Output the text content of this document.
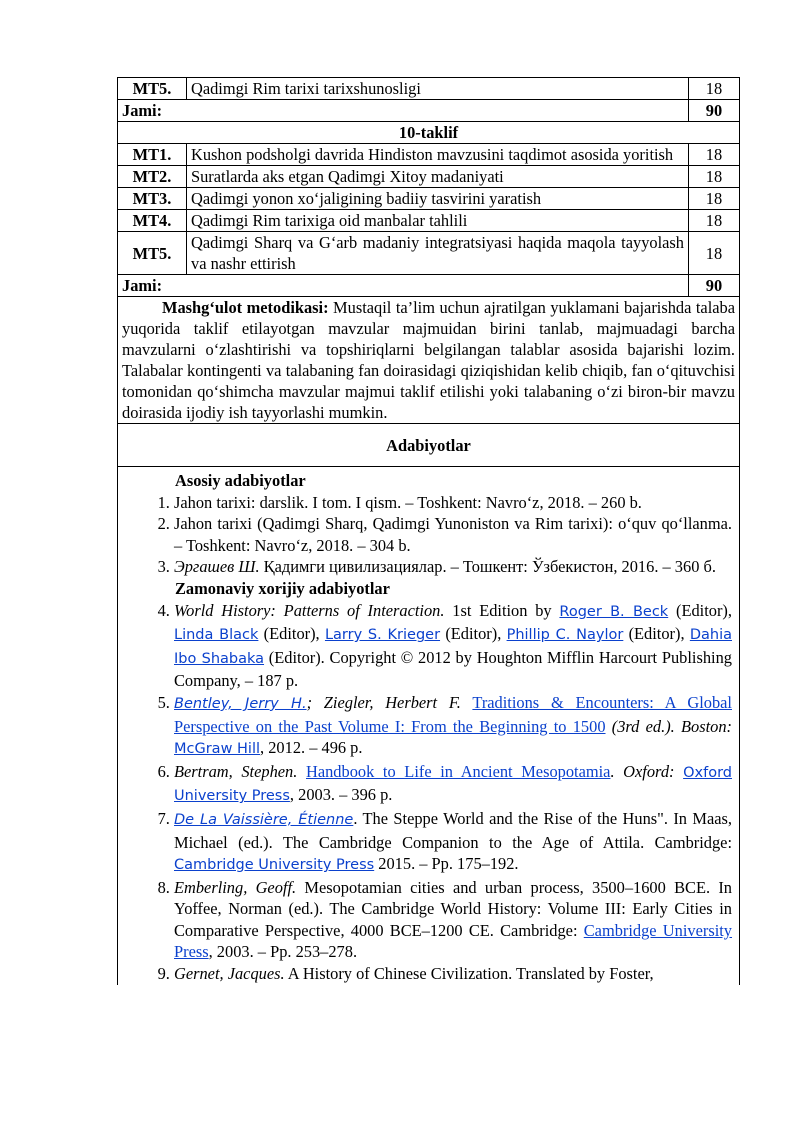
MT5.	Qadimgi Rim tarixi tarixshunosligi	18
Jami:		90
10-taklif		
MT1.	Kushon podsholgi davrida Hindiston mavzusini taqdimot asosida yoritish	18
MT2.	Suratlarda aks etgan Qadimgi Xitoy madaniyati	18
MT3.	Qadimgi yonon xo‘jaligining badiiy tasvirini yaratish	18
MT4.	Qadimgi Rim tarixiga oid manbalar tahlili	18
MT5.	Qadimgi Sharq va G‘arb madaniy integratsiyasi haqida maqola tayyolash va nashr ettirish	18
Jami:		90
Mashg‘ulot metodikasi: Mustaqil ta’lim uchun ajratilgan yuklamani bajarishda talaba yuqorida taklif etilayotgan mavzular majmuidan birini tanlab, majmuadagi barcha mavzularni o‘zlashtirishi va topshiriqlarni belgilangan talablar asosida bajarishi lozim. Talabalar kontingenti va talabaning fan doirasidagi qiziqishidan kelib chiqib, fan o‘qituvchisi tomonidan qo‘shimcha mavzular majmui taklif etilishi yoki talabaning o‘zi biron-bir mavzu doirasida ijodiy ish tayyorlashi mumkin.		
Adabiyotlar		
Asosiy adabiyotlar
1. Jahon tarixi: darslik. I tom. I qism. – Toshkent: Navro‘z, 2018. – 260 b.
2. Jahon tarixi (Qadimgi Sharq, Qadimgi Yunoniston va Rim tarixi): o‘quv qo‘llanma. – Toshkent: Navro‘z, 2018. – 304 b.
3. Эргашев Ш. Қадимги цивилизациялар. – Тошкент: Ўзбекистон, 2016. – 360 б.
Zamonaviy xorijiy adabiyotlar
4. World History: Patterns of Interaction. 1st Edition by Roger B. Beck (Editor), Linda Black (Editor), Larry S. Krieger (Editor), Phillip C. Naylor (Editor), Dahia Ibo Shabaka (Editor). Copyright © 2012 by Houghton Mifflin Harcourt Publishing Company, – 187 p.
5. Bentley, Jerry H.; Ziegler, Herbert F. Traditions & Encounters: A Global Perspective on the Past Volume I: From the Beginning to 1500 (3rd ed.). Boston: McGraw Hill, 2012. – 496 p.
6. Bertram, Stephen. Handbook to Life in Ancient Mesopotamia. Oxford: Oxford University Press, 2003. – 396 p.
7. De La Vaissière, Étienne. The Steppe World and the Rise of the Huns". In Maas, Michael (ed.). The Cambridge Companion to the Age of Attila. Cambridge: Cambridge University Press 2015. – Pp. 175–192.
8. Emberling, Geoff. Mesopotamian cities and urban process, 3500–1600 BCE. In Yoffee, Norman (ed.). The Cambridge World History: Volume III: Early Cities in Comparative Perspective, 4000 BCE–1200 CE. Cambridge: Cambridge University Press, 2003. – Pp. 253–278.
9. Gernet, Jacques. A History of Chinese Civilization. Translated by Foster,
